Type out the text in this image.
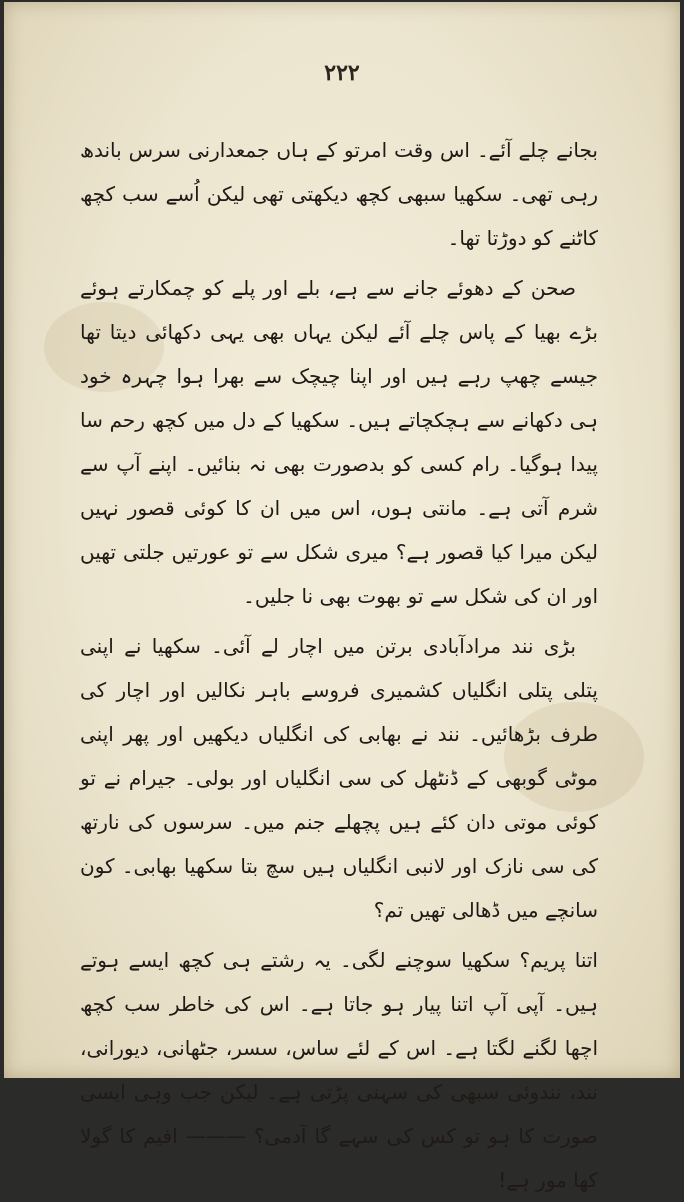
۲۲۲

بجانے چلے آئے۔ اس وقت امرتو کے ہاں جمعدارنی سرس باندھ رہی تھی۔ سکھیا سبھی کچھ دیکھتی تھی لیکن اُسے سب کچھ کاٹنے کو دوڑتا تھا۔

صحن کے دھوئے جانے سے ہے، بلے اور پلے کو چمکارتے ہوئے بڑے بھیا کے پاس چلے آئے لیکن یہاں بھی یہی دکھائی دیتا تھا جیسے چھپ رہے ہیں اور اپنا چیچک سے بھرا ہوا چہرہ خود ہی دکھانے سے ہچکچاتے ہیں۔ سکھیا کے دل میں کچھ رحم سا پیدا ہوگیا۔ رام کسی کو بدصورت بھی نہ بنائیں۔ اپنے آپ سے شرم آتی ہے۔ مانتی ہوں، اس میں ان کا کوئی قصور نہیں لیکن میرا کیا قصور ہے؟ میری شکل سے تو عورتیں جلتی تھیں اور ان کی شکل سے تو بھوت بھی نا جلیں۔

بڑی نند مرادآبادی برتن میں اچار لے آئی۔ سکھیا نے اپنی پتلی پتلی انگلیاں کشمیری فروسے باہر نکالیں اور اچار کی طرف بڑھائیں۔ نند نے بھابی کی انگلیاں دیکھیں اور پھر اپنی موٹی گوبھی کے ڈنٹھل کی سی انگلیاں اور بولی۔ جیرام نے تو کوئی موتی دان کئے ہیں پچھلے جنم میں۔ سرسوں کی نارتھ کی سی نازک اور لانبی انگلیاں ہیں سچ بتا سکھیا بھابی۔ کون سانچے میں ڈھالی تھیں تم؟

اتنا پریم؟ سکھیا سوچنے لگی۔ یہ رشتے ہی کچھ ایسے ہوتے ہیں۔ آپی آپ اتنا پیار ہو جاتا ہے۔ اس کی خاطر سب کچھ اچھا لگنے لگتا ہے۔ اس کے لئے ساس، سسر، جٹھانی، دیورانی، نند، نندوئی سبھی کی سہنی پڑتی ہے۔ لیکن جب وہی ایسی صورت کا ہو تو کس کی سہے گا آدمی؟ ——— افیم کا گولا کھا مور ہے!
